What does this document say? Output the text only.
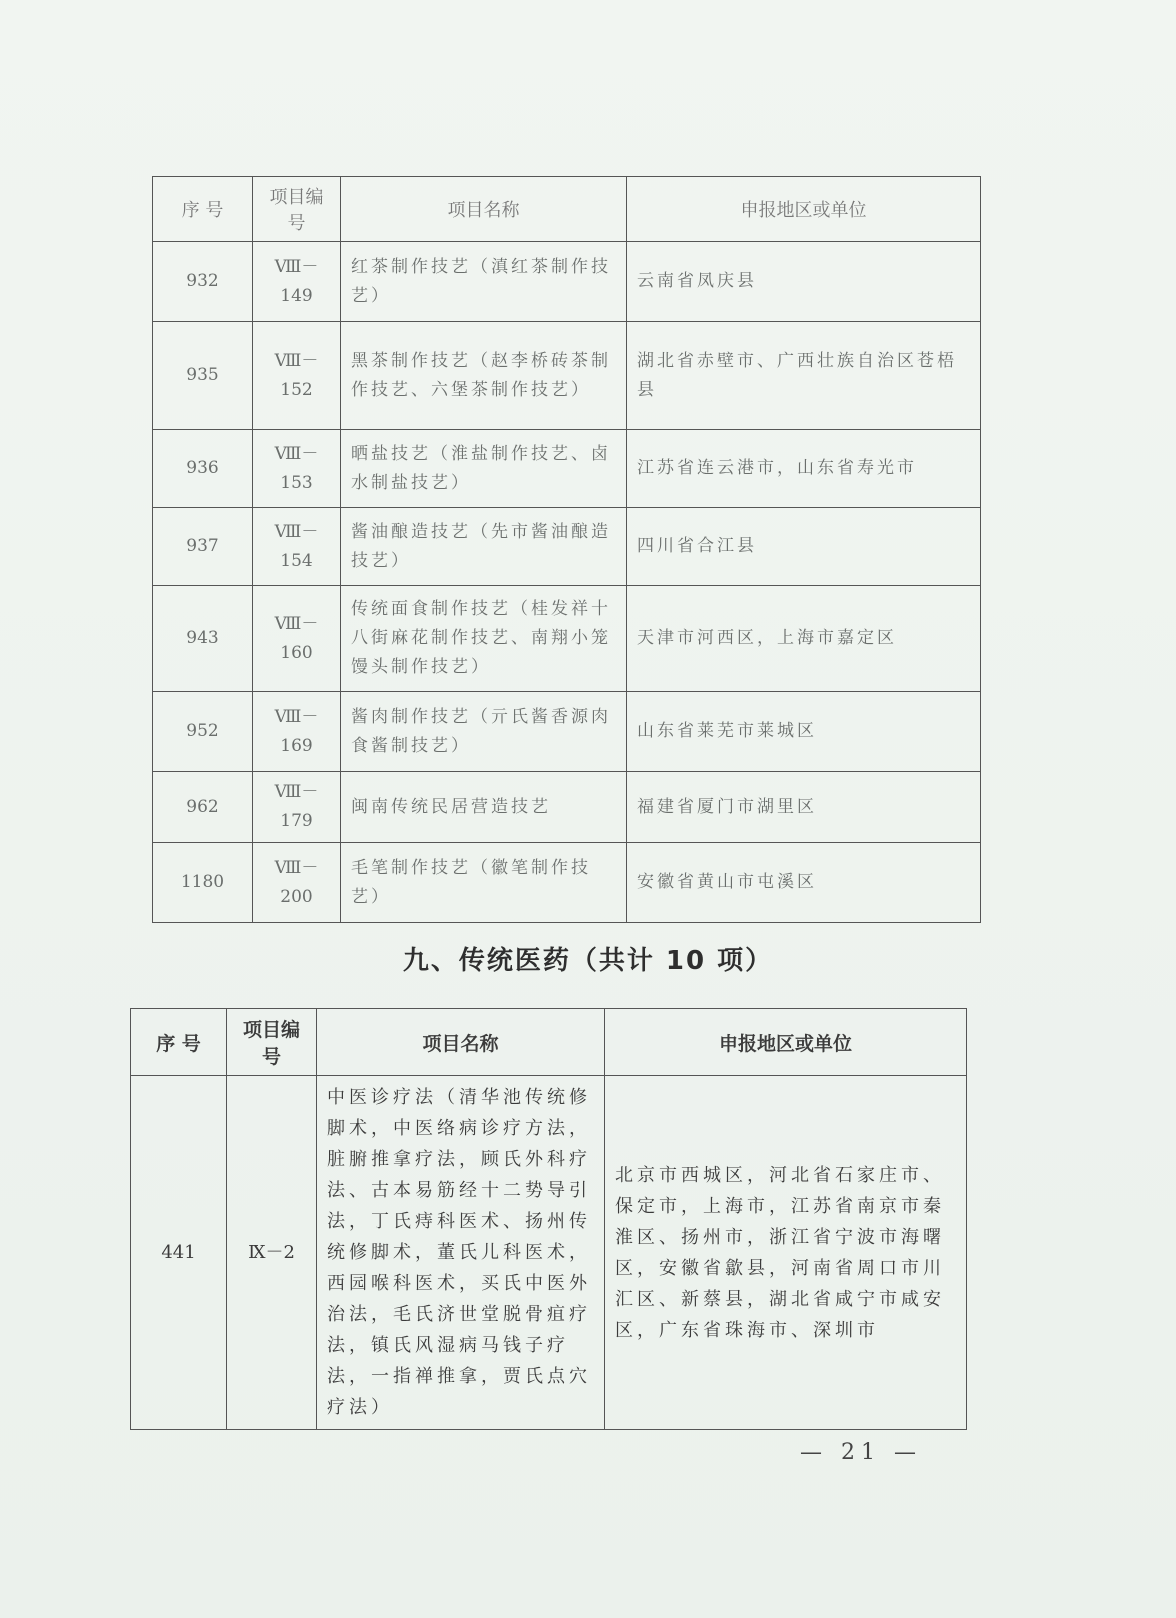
序 号	项目编号	项目名称	申报地区或单位
932	Ⅷ－149	红茶制作技艺（滇红茶制作技艺）	云南省凤庆县
935	Ⅷ－152	黑茶制作技艺（赵李桥砖茶制作技艺、六堡茶制作技艺）	湖北省赤壁市、广西壮族自治区苍梧县
936	Ⅷ－153	晒盐技艺（淮盐制作技艺、卤水制盐技艺）	江苏省连云港市，山东省寿光市
937	Ⅷ－154	酱油酿造技艺（先市酱油酿造技艺）	四川省合江县
943	Ⅷ－160	传统面食制作技艺（桂发祥十八街麻花制作技艺、南翔小笼馒头制作技艺）	天津市河西区，上海市嘉定区
952	Ⅷ－169	酱肉制作技艺（亓氏酱香源肉食酱制技艺）	山东省莱芜市莱城区
962	Ⅷ－179	闽南传统民居营造技艺	福建省厦门市湖里区
1180	Ⅷ－200	毛笔制作技艺（徽笔制作技艺）	安徽省黄山市屯溪区
九、传统医药（共计 10 项）
序 号	项目编号	项目名称	申报地区或单位
441	Ⅸ－2	中医诊疗法（清华池传统修脚术，中医络病诊疗方法，脏腑推拿疗法，顾氏外科疗法、古本易筋经十二势导引法，丁氏痔科医术、扬州传统修脚术，董氏儿科医术，西园喉科医术，买氏中医外治法，毛氏济世堂脱骨疽疗法，镇氏风湿病马钱子疗法，一指禅推拿，贾氏点穴疗法）	北京市西城区，河北省石家庄市、保定市，上海市，江苏省南京市秦淮区、扬州市，浙江省宁波市海曙区，安徽省歙县，河南省周口市川汇区、新蔡县，湖北省咸宁市咸安区，广东省珠海市、深圳市
— 21 —
